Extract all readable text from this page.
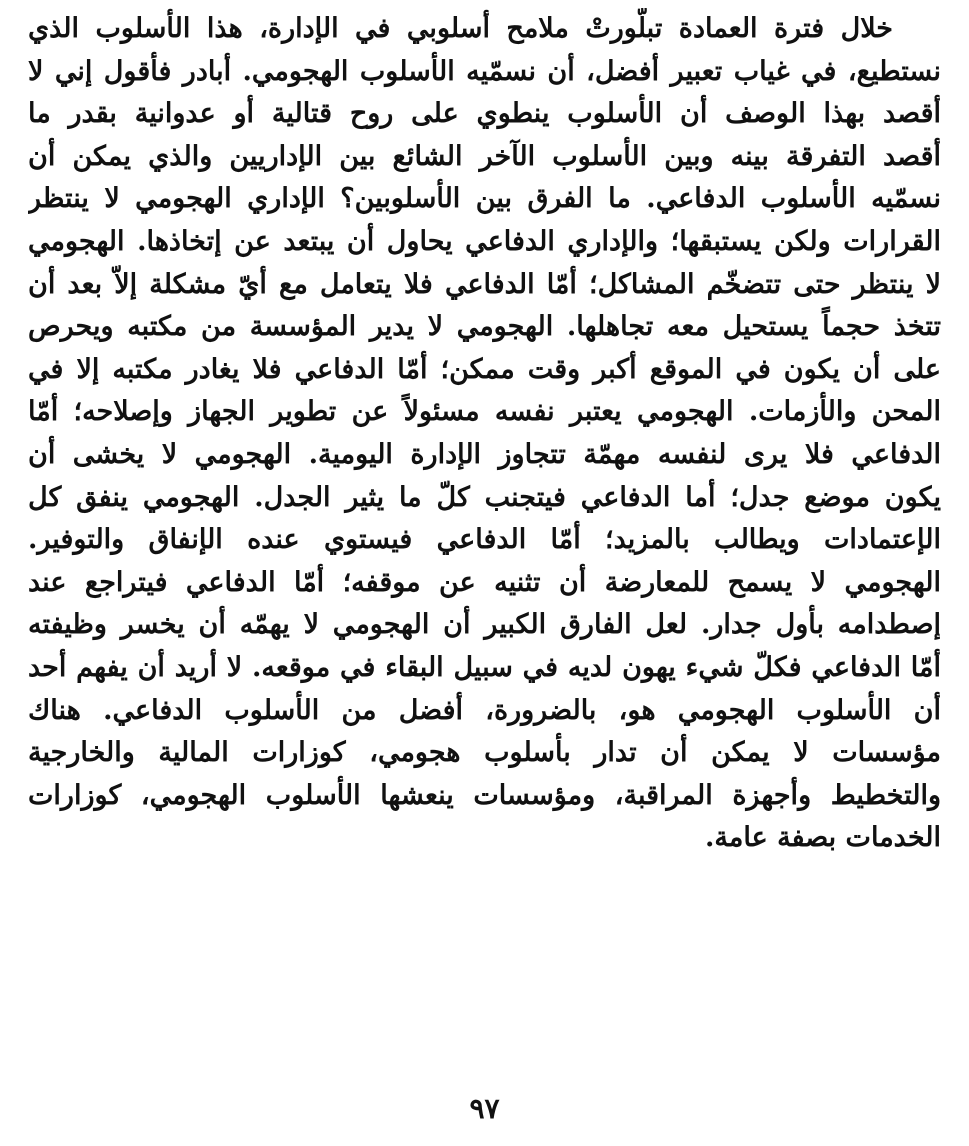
خلال فترة العمادة تبلّورتْ ملامح أسلوبي في الإدارة، هذا الأسلوب الذي
نستطيع، في غياب تعبير أفضل، أن نسمّيه الأسلوب الهجومي. أبادر فأقول إني لا
أقصد بهذا الوصف أن الأسلوب ينطوي على روح قتالية أو عدوانية بقدر ما
أقصد التفرقة بينه وبين الأسلوب الآخر الشائع بين الإداريين والذي يمكن أن
نسمّيه الأسلوب الدفاعي. ما الفرق بين الأسلوبين؟ الإداري الهجومي لا ينتظر
القرارات ولكن يستبقها؛ والإداري الدفاعي يحاول أن يبتعد عن إتخاذها. الهجومي
لا ينتظر حتى تتضخّم المشاكل؛ أمّا الدفاعي فلا يتعامل مع أيّ مشكلة إلاّ بعد أن
تتخذ حجماً يستحيل معه تجاهلها. الهجومي لا يدير المؤسسة من مكتبه ويحرص
على أن يكون في الموقع أكبر وقت ممكن؛ أمّا الدفاعي فلا يغادر مكتبه إلا في
المحن والأزمات. الهجومي يعتبر نفسه مسئولاً عن تطوير الجهاز وإصلاحه؛ أمّا
الدفاعي فلا يرى لنفسه مهمّة تتجاوز الإدارة اليومية. الهجومي لا يخشى أن
يكون موضع جدل؛ أما الدفاعي فيتجنب كلّ ما يثير الجدل. الهجومي ينفق كل
الإعتمادات ويطالب بالمزيد؛ أمّا الدفاعي فيستوي عنده الإنفاق والتوفير.
الهجومي لا يسمح للمعارضة أن تثنيه عن موقفه؛ أمّا الدفاعي فيتراجع عند
إصطدامه بأول جدار. لعل الفارق الكبير أن الهجومي لا يهمّه أن يخسر وظيفته
أمّا الدفاعي فكلّ شيء يهون لديه في سبيل البقاء في موقعه. لا أريد أن يفهم أحد
أن الأسلوب الهجومي هو، بالضرورة، أفضل من الأسلوب الدفاعي. هناك
مؤسسات لا يمكن أن تدار بأسلوب هجومي، كوزارات المالية والخارجية
والتخطيط وأجهزة المراقبة، ومؤسسات ينعشها الأسلوب الهجومي، كوزارات
الخدمات بصفة عامة.
٩٧
